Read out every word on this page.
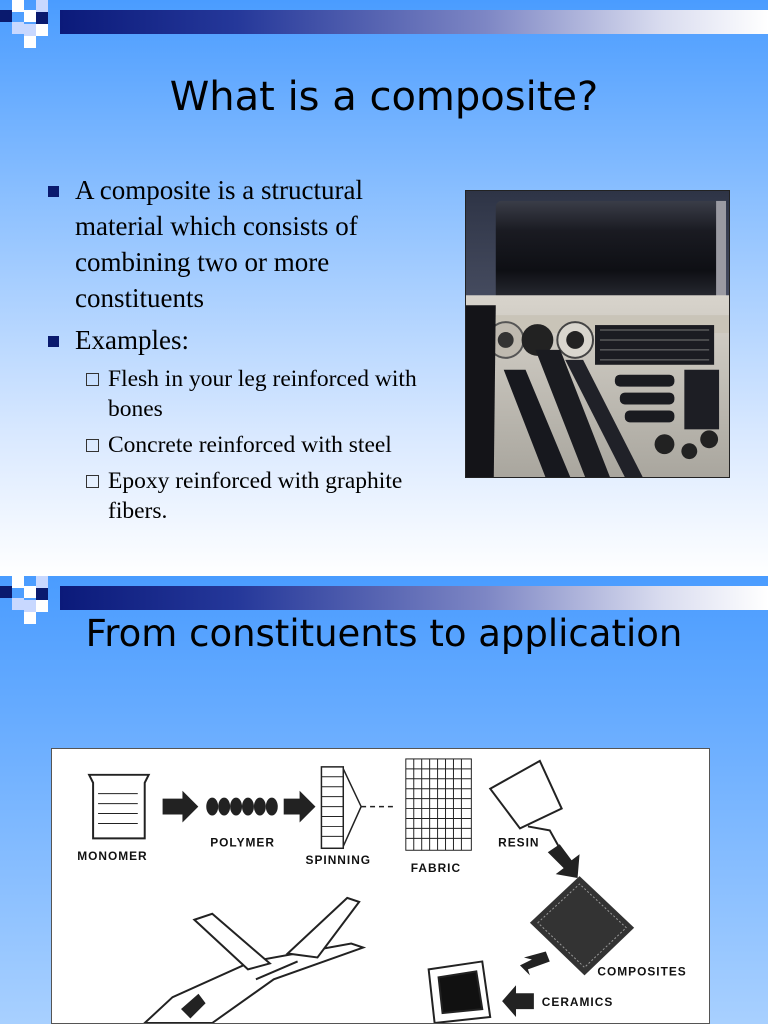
What is a composite?
A composite is a structural material which consists of combining two or more constituents
Examples:
Flesh in your leg reinforced with bones
Concrete reinforced with steel
Epoxy reinforced with graphite fibers.
From constituents to application
MONOMER
POLYMER
SPINNING
FABRIC
RESIN
COMPOSITES
CERAMICS
